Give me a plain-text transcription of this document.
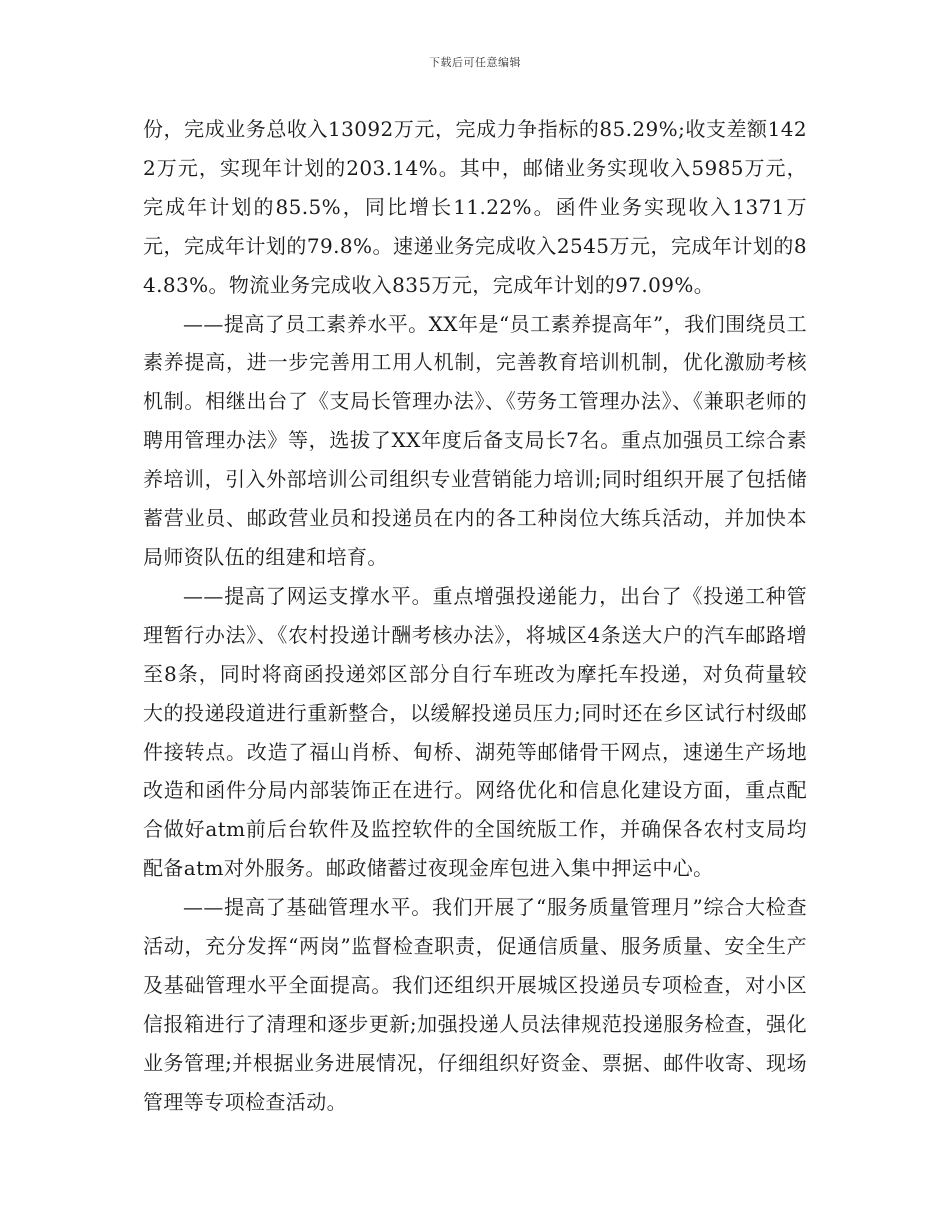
下载后可任意编辑

份，完成业务总收入13092万元，完成力争指标的85.29%;收支差额1422万元，实现年计划的203.14%。其中，邮储业务实现收入5985万元，完成年计划的85.5%，同比增长11.22%。函件业务实现收入1371万元，完成年计划的79.8%。速递业务完成收入2545万元，完成年计划的84.83%。物流业务完成收入835万元，完成年计划的97.09%。

——提高了员工素养水平。XX年是“员工素养提高年”，我们围绕员工素养提高，进一步完善用工用人机制，完善教育培训机制，优化激励考核机制。相继出台了《支局长管理办法》、《劳务工管理办法》、《兼职老师的聘用管理办法》等，选拔了XX年度后备支局长7名。重点加强员工综合素养培训，引入外部培训公司组织专业营销能力培训;同时组织开展了包括储蓄营业员、邮政营业员和投递员在内的各工种岗位大练兵活动，并加快本局师资队伍的组建和培育。

——提高了网运支撑水平。重点增强投递能力，出台了《投递工种管理暂行办法》、《农村投递计酬考核办法》，将城区4条送大户的汽车邮路增至8条，同时将商函投递郊区部分自行车班改为摩托车投递，对负荷量较大的投递段道进行重新整合，以缓解投递员压力;同时还在乡区试行村级邮件接转点。改造了福山肖桥、甸桥、湖苑等邮储骨干网点，速递生产场地改造和函件分局内部装饰正在进行。网络优化和信息化建设方面，重点配合做好atm前后台软件及监控软件的全国统版工作，并确保各农村支局均配备atm对外服务。邮政储蓄过夜现金库包进入集中押运中心。

——提高了基础管理水平。我们开展了“服务质量管理月”综合大检查活动，充分发挥“两岗”监督检查职责，促通信质量、服务质量、安全生产及基础管理水平全面提高。我们还组织开展城区投递员专项检查，对小区信报箱进行了清理和逐步更新;加强投递人员法律规范投递服务检查，强化业务管理;并根据业务进展情况，仔细组织好资金、票据、邮件收寄、现场管理等专项检查活动。
